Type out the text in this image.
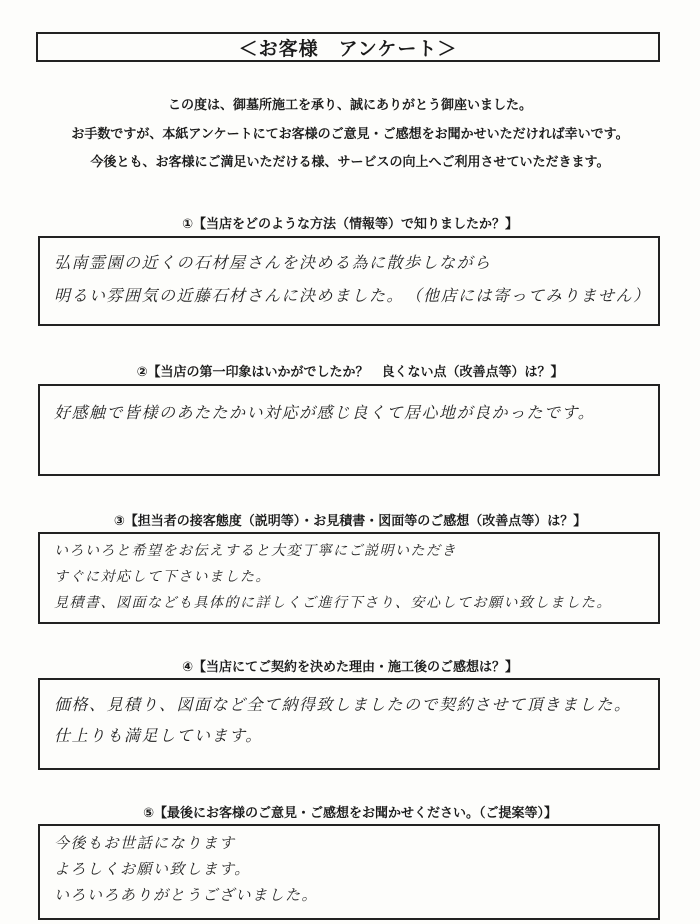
＜お客様　アンケート＞
この度は、御墓所施工を承り、誠にありがとう御座いました。
お手数ですが、本紙アンケートにてお客様のご意見・ご感想をお聞かせいただければ幸いです。
今後とも、お客様にご満足いただける様、サービスの向上へご利用させていただきます。
①【当店をどのような方法（情報等）で知りましたか？】
弘南霊園の近くの石材屋さんを決める為に散歩しながら
明るい雰囲気の近藤石材さんに決めました。　（他店には寄ってみりません）
②【当店の第一印象はいかがでしたか？　良くない点（改善点等）は？】
好感触で皆様のあたたかい対応が感じ良くて居心地が良かったです。
③【担当者の接客態度（説明等）・お見積書・図面等のご感想（改善点等）は？】
いろいろと希望をお伝えすると大変丁寧にご説明いただき
すぐに対応して下さいました。
見積書、図面なども具体的に詳しくご進行下さり、安心してお願い致しました。
④【当店にてご契約を決めた理由・施工後のご感想は？】
価格、見積り、図面など全て納得致しましたので契約させて頂きました。
仕上りも満足しています。
⑤【最後にお客様のご意見・ご感想をお聞かせください。（ご提案等）】
今後もお世話になります
よろしくお願い致します。
いろいろありがとうございました。
